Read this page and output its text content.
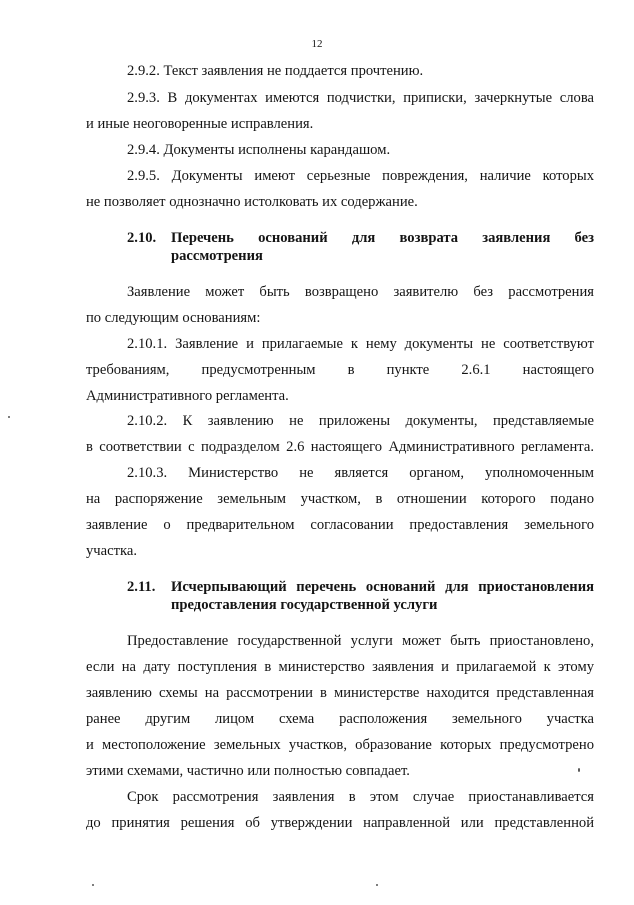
12
2.9.2. Текст заявления не поддается прочтению.
2.9.3. В документах имеются подчистки, приписки, зачеркнутые слова
и иные неоговоренные исправления.
2.9.4. Документы исполнены карандашом.
2.9.5. Документы имеют серьезные повреждения, наличие которых
не позволяет однозначно истолковать их содержание.
2.10.	Перечень оснований для возврата заявления без
рассмотрения
Заявление может быть возвращено заявителю без рассмотрения
по следующим основаниям:
2.10.1. Заявление и прилагаемые к нему документы не соответствуют
требованиям, предусмотренным в пункте 2.6.1 настоящего
Административного регламента.
2.10.2. К заявлению не приложены документы, представляемые
в соответствии с подразделом 2.6 настоящего Административного регламента.
2.10.3. Министерство не является органом, уполномоченным
на распоряжение земельным участком, в отношении которого подано
заявление о предварительном согласовании предоставления земельного
участка.
2.11.	Исчерпывающий перечень оснований для приостановления
предоставления государственной услуги
Предоставление государственной услуги может быть приостановлено,
если на дату поступления в министерство заявления и прилагаемой к этому
заявлению схемы на рассмотрении в министерстве находится представленная
ранее другим лицом схема расположения земельного участка
и местоположение земельных участков, образование которых предусмотрено
этими схемами, частично или полностью совпадает.
Срок рассмотрения заявления в этом случае приостанавливается
до принятия решения об утверждении направленной или представленной
